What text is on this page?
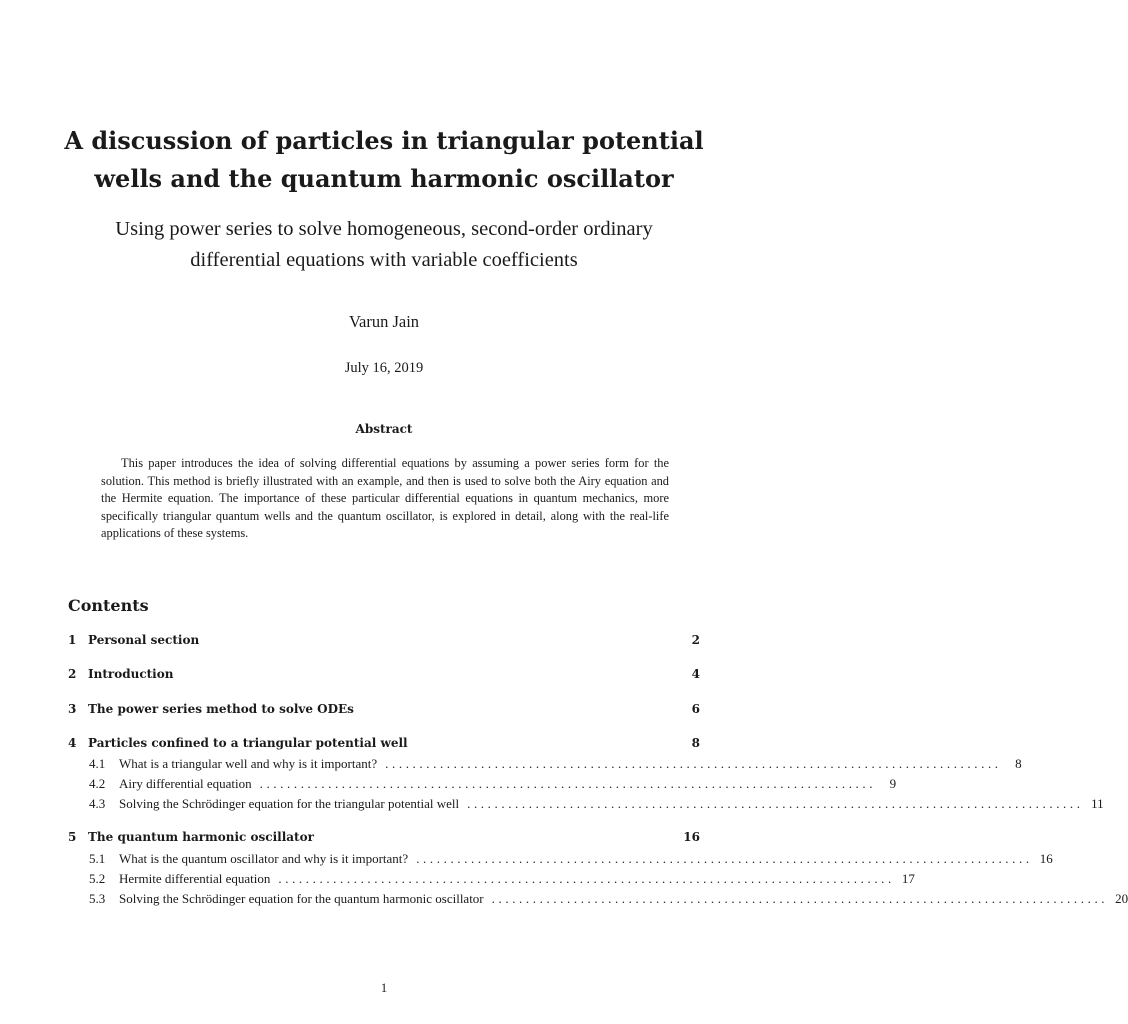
A discussion of particles in triangular potential wells and the quantum harmonic oscillator

Using power series to solve homogeneous, second-order ordinary differential equations with variable coefficients

Varun Jain
July 16, 2019
Abstract

This paper introduces the idea of solving differential equations by assuming a power series form for the solution. This method is briefly illustrated with an example, and then is used to solve both the Airy equation and the Hermite equation. The importance of these particular differential equations in quantum mechanics, more specifically triangular quantum wells and the quantum oscillator, is explored in detail, along with the real-life applications of these systems.

Contents
1 Personal section	2
2 Introduction	4
3 The power series method to solve ODEs	6
4 Particles confined to a triangular potential well	8
4.1	What is a triangular well and why is it important? ..........................................................................................	8
4.2	Airy differential equation ..........................................................................................	9
4.3	Solving the Schrödinger equation for the triangular potential well .......................................................................................... 11
5 The quantum harmonic oscillator	16
5.1	What is the quantum oscillator and why is it important? .......................................................................................... 16
5.2	Hermite differential equation .......................................................................................... 17
5.3	Solving the Schrödinger equation for the quantum harmonic oscillator .......................................................................................... 20
1
